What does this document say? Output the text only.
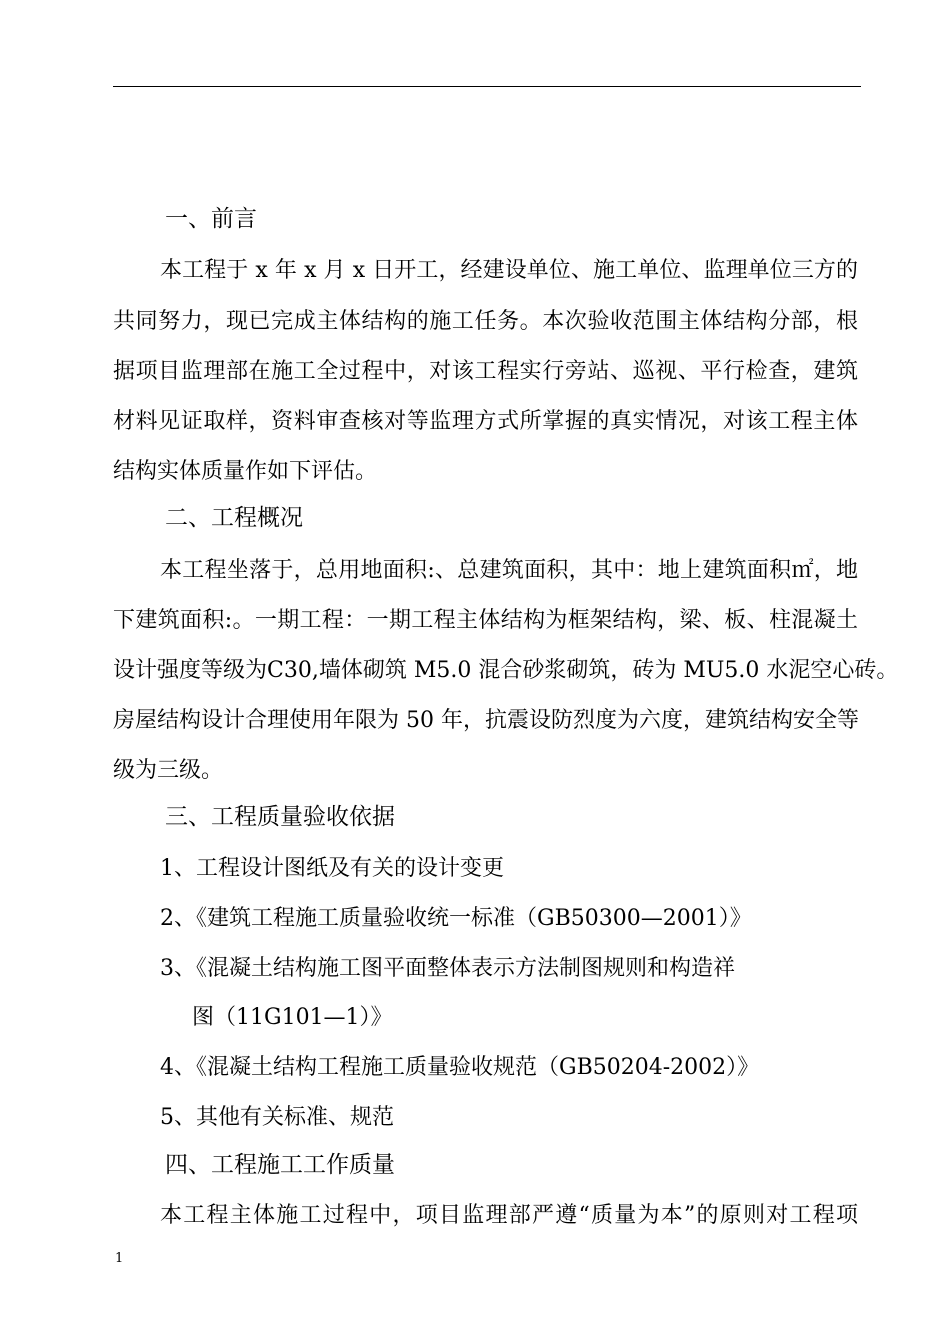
一、前言
本工程于 x 年 x 月 x 日开工，经建设单位、施工单位、监理单位三方的
共同努力，现已完成主体结构的施工任务。本次验收范围主体结构分部，根
据项目监理部在施工全过程中，对该工程实行旁站、巡视、平行检查，建筑
材料见证取样，资料审查核对等监理方式所掌握的真实情况，对该工程主体
结构实体质量作如下评估。
二、工程概况
本工程坐落于，总用地面积:、总建筑面积，其中：地上建筑面积㎡，地
下建筑面积:。一期工程：一期工程主体结构为框架结构，梁、板、柱混凝土
设计强度等级为C30,墙体砌筑 M5.0 混合砂浆砌筑，砖为 MU5.0 水泥空心砖。
房屋结构设计合理使用年限为 50 年，抗震设防烈度为六度，建筑结构安全等
级为三级。
三、工程质量验收依据
1、工程设计图纸及有关的设计变更
2、《建筑工程施工质量验收统一标准（GB50300—2001）》
3、《混凝土结构施工图平面整体表示方法制图规则和构造祥
图（11G101—1）》
4、《混凝土结构工程施工质量验收规范（GB50204-2002）》
5、其他有关标准、规范
四、工程施工工作质量
本工程主体施工过程中，项目监理部严遵“质量为本”的原则对工程项
1
